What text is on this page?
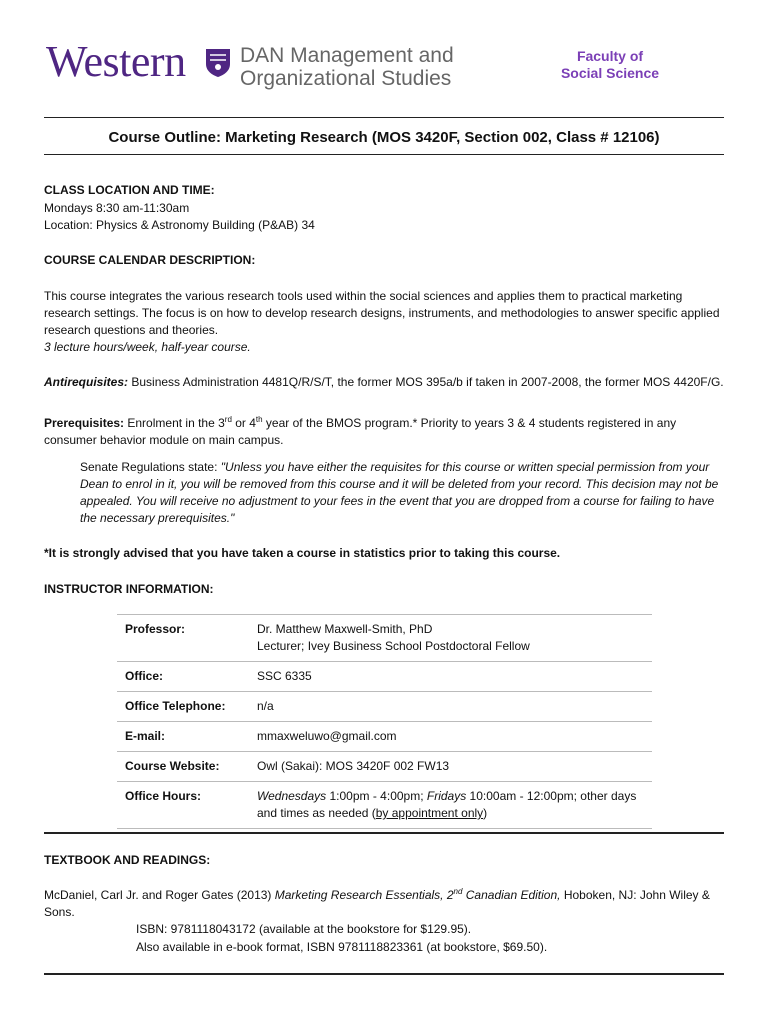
Western	DAN Management and
Organizational Studies
Faculty of
Social Science
Course Outline: Marketing Research (MOS 3420F, Section 002, Class # 12106)
CLASS LOCATION AND TIME:
Mondays 8:30 am-11:30am
Location: Physics & Astronomy Building (P&AB) 34
COURSE CALENDAR DESCRIPTION:
This course integrates the various research tools used within the social sciences and applies them to practical marketing research settings. The focus is on how to develop research designs, instruments, and methodologies to answer specific applied research questions and theories.
3 lecture hours/week, half-year course.
Antirequisites: Business Administration 4481Q/R/S/T, the former MOS 395a/b if taken in 2007-2008, the former MOS 4420F/G.
Prerequisites: Enrolment in the 3rd or 4th year of the BMOS program.* Priority to years 3 & 4 students registered in any consumer behavior module on main campus.
Senate Regulations state: "Unless you have either the requisites for this course or written special permission from your Dean to enrol in it, you will be removed from this course and it will be deleted from your record. This decision may not be appealed. You will receive no adjustment to your fees in the event that you are dropped from a course for failing to have the necessary prerequisites."
*It is strongly advised that you have taken a course in statistics prior to taking this course.
INSTRUCTOR INFORMATION:
Professor:	Dr. Matthew Maxwell-Smith, PhD
Lecturer; Ivey Business School Postdoctoral Fellow

Office:	SSC 6335
Office Telephone:	n/a
E-mail:	mmaxweluwo@gmail.com
Course Website:	Owl (Sakai): MOS 3420F 002 FW13
Office Hours:	Wednesdays 1:00pm - 4:00pm; Fridays 10:00am - 12:00pm; other days and times as needed (by appointment only)
TEXTBOOK AND READINGS:
McDaniel, Carl Jr. and Roger Gates (2013) Marketing Research Essentials, 2nd Canadian Edition, Hoboken, NJ: John Wiley & Sons.
ISBN: 9781118043172 (available at the bookstore for $129.95).
Also available in e-book format, ISBN 9781118823361 (at bookstore, $69.50).
